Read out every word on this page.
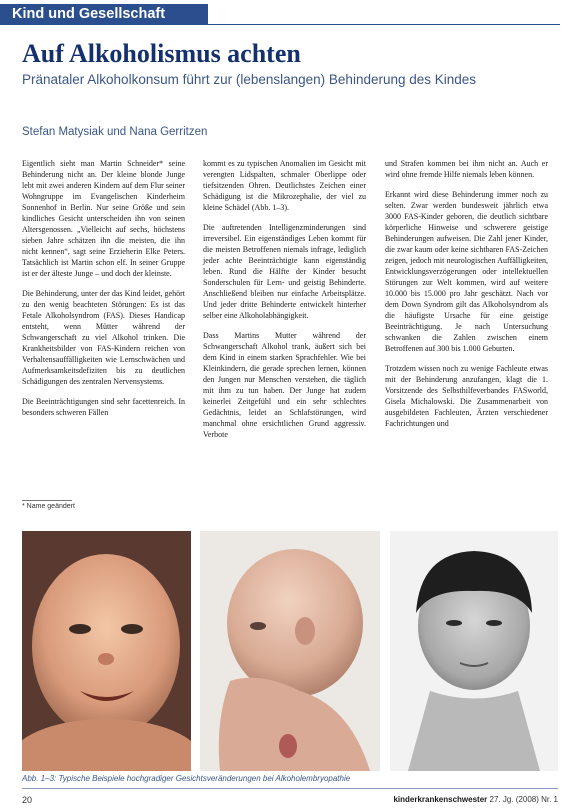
Kind und Gesellschaft
Auf Alkoholismus achten

Pränataler Alkoholkonsum führt zur (lebenslangen) Behinderung des Kindes

Stefan Matysiak und Nana Gerritzen

Eigentlich sieht man Martin Schneider* seine Behinderung nicht an. Der kleine blonde Junge lebt mit zwei anderen Kindern auf dem Flur seiner Wohngruppe im Evangelischen Kinderheim Sonnenhof in Berlin. Nur seine Größe und sein kindliches Gesicht unterscheiden ihn von seinen Altersgenossen. „Vielleicht auf sechs, höchstens sieben Jahre schätzen ihn die meisten, die ihn nicht kennen“, sagt seine Erzieherin Elke Peters. Tatsächlich ist Martin schon elf. In seiner Gruppe ist er der älteste Junge – und doch der kleinste.

Die Behinderung, unter der das Kind leidet, gehört zu den wenig beachteten Störungen: Es ist das Fetale Alkoholsyndrom (FAS). Dieses Handicap entsteht, wenn Mütter während der Schwangerschaft zu viel Alkohol trinken. Die Krankheitsbilder von FAS-Kindern reichen von Verhaltensauffälligkeiten wie Lernschwächen und Aufmerksamkeitsdefiziten bis zu deutlichen Schädigungen des zentralen Nervensystems.

Die Beeinträchtigungen sind sehr facettenreich. In besonders schweren Fällen

kommt es zu typischen Anomalien im Gesicht mit verengten Lidspalten, schmaler Oberlippe oder tiefsitzenden Ohren. Deutlichstes Zeichen einer Schädigung ist die Mikrozephalie, der viel zu kleine Schädel (Abb. 1–3).

Die auftretenden Intelligenzminderungen sind irreversibel. Ein eigenständiges Leben kommt für die meisten Betroffenen niemals infrage, lediglich jeder achte Beeinträchtigte kann eigenständig leben. Rund die Hälfte der Kinder besucht Sonderschulen für Lern- und geistig Behinderte. Anschließend bleiben nur einfache Arbeitsplätze. Und jeder dritte Behinderte entwickelt hinterher selber eine Alkoholabhängigkeit.

Dass Martins Mutter während der Schwangerschaft Alkohol trank, äußert sich bei dem Kind in einem starken Sprachfehler. Wie bei Kleinkindern, die gerade sprechen lernen, können den Jungen nur Menschen verstehen, die täglich mit ihm zu tun haben. Der Junge hat zudem keinerlei Zeitgefühl und ein sehr schlechtes Gedächtnis, leidet an Schlafstörungen, wird manchmal ohne ersichtlichen Grund aggressiv. Verbote

und Strafen kommen bei ihm nicht an. Auch er wird ohne fremde Hilfe niemals leben können.

Erkannt wird diese Behinderung immer noch zu selten. Zwar werden bundesweit jährlich etwa 3000 FAS-Kinder geboren, die deutlich sichtbare körperliche Hinweise und schwerere geistige Behinderungen aufweisen. Die Zahl jener Kinder, die zwar kaum oder keine sichtbaren FAS-Zeichen zeigen, jedoch mit neurologischen Auffälligkeiten, Entwicklungsverzögerungen oder intellektuellen Störungen zur Welt kommen, wird auf weitere 10.000 bis 15.000 pro Jahr geschätzt. Nach vor dem Down Syndrom gilt das Alkoholsyndrom als die häufigste Ursache für eine geistige Beeinträchtigung. Je nach Untersuchung schwanken die Zahlen zwischen einem Betroffenen auf 300 bis 1.000 Geburten.

Trotzdem wissen noch zu wenige Fachleute etwas mit der Behinderung anzufangen, klagt die 1. Vorsitzende des Selbsthilfeverbandes FASworld, Gisela Michalowski. Die Zusammenarbeit von ausgebildeten Fachleuten, Ärzten verschiedener Fachrichtungen und

* Name geändert
Abb. 1–3: Typische Beispiele hochgradiger Gesichtsveränderungen bei Alkoholembryopathie
20	kinderkrankenschwester 27. Jg. (2008) Nr. 1
